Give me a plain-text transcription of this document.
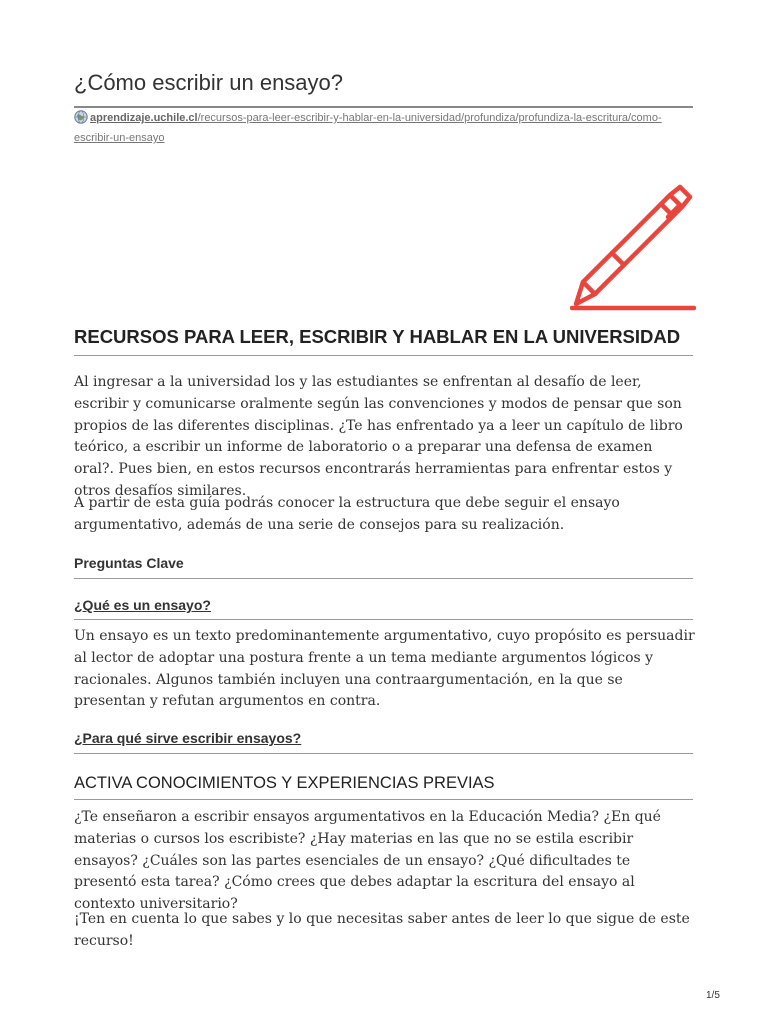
¿Cómo escribir un ensayo?
aprendizaje.uchile.cl/recursos-para-leer-escribir-y-hablar-en-la-universidad/profundiza/profundiza-la-escritura/como-escribir-un-ensayo
RECURSOS PARA LEER, ESCRIBIR Y HABLAR EN LA UNIVERSIDAD

Al ingresar a la universidad los y las estudiantes se enfrentan al desafío de leer, escribir y comunicarse oralmente según las convenciones y modos de pensar que son propios de las diferentes disciplinas. ¿Te has enfrentado ya a leer un capítulo de libro teórico, a escribir un informe de laboratorio o a preparar una defensa de examen oral?. Pues bien, en estos recursos encontrarás herramientas para enfrentar estos y otros desafíos similares.

A partir de esta guía podrás conocer la estructura que debe seguir el ensayo argumentativo, además de una serie de consejos para su realización.

Preguntas Clave
¿Qué es un ensayo?

Un ensayo es un texto predominantemente argumentativo, cuyo propósito es persuadir al lector de adoptar una postura frente a un tema mediante argumentos lógicos y racionales. Algunos también incluyen una contraargumentación, en la que se presentan y refutan argumentos en contra.

¿Para qué sirve escribir ensayos?
ACTIVA CONOCIMIENTOS Y EXPERIENCIAS PREVIAS

¿Te enseñaron a escribir ensayos argumentativos en la Educación Media? ¿En qué materias o cursos los escribiste? ¿Hay materias en las que no se estila escribir ensayos? ¿Cuáles son las partes esenciales de un ensayo? ¿Qué dificultades te presentó esta tarea? ¿Cómo crees que debes adaptar la escritura del ensayo al contexto universitario?

¡Ten en cuenta lo que sabes y lo que necesitas saber antes de leer lo que sigue de este recurso!

1/5
